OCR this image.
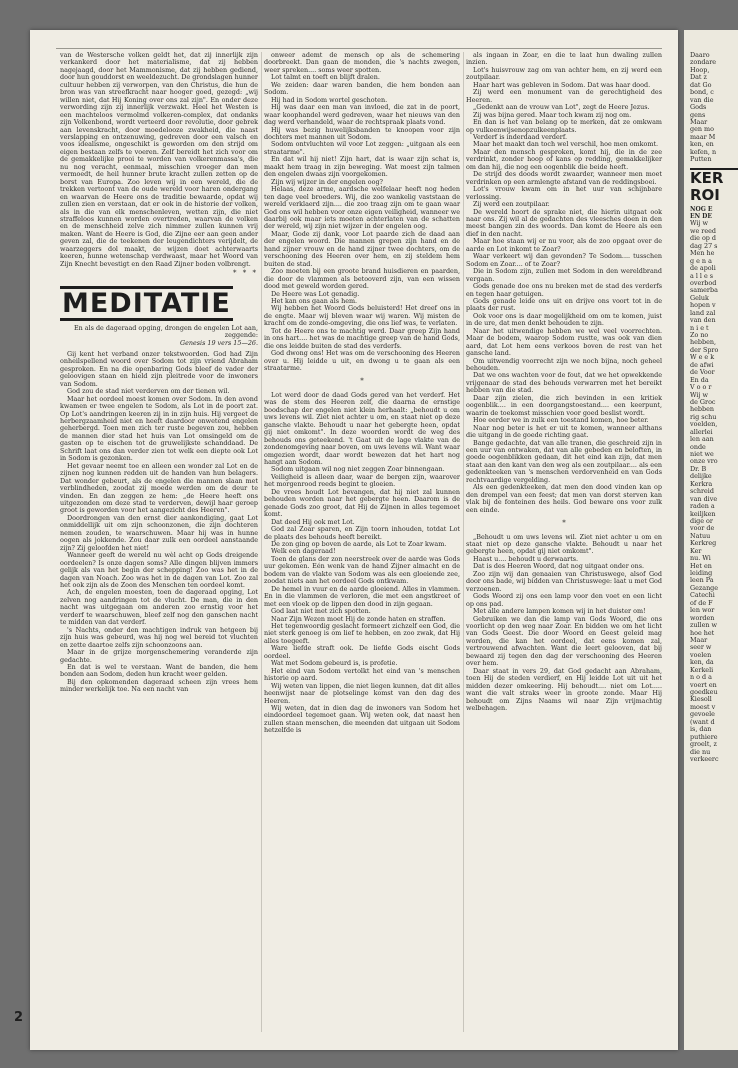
van de Westersche volken geldt het, dat zij innerlijk zijn verkankerd door het materialisme, dat zij hebben nagejaagd, door het Mammonisme, dat zij hebben gediend, door hun gouddorst en weeldezucht. De grondslagen hunner cultuur hebben zij verworpen, van den Christus, die hun de bron was van streefkracht naar hooger goed, gezegd: „wij willen niet, dat Hij Koning over ons zal zijn". En onder deze verwording zijn zij innerlijk verzwakt. Heel het Westen is een machteloos vermolmd volkeren-complex, dat ondanks zijn Volkenbond, wordt verteerd door revolutie, door gebrek aan levenskracht, door moedelooze zwakheid, die naast verslapping en ontzenuwing, gedreven door een valsch en voos idealisme, ongeschikt is geworden om den strijd om eigen bestaan zelfs te voeren. Zelf bereidt het zich voor om de gemakkelijke prooi te worden van volkerenmassa's, die nu nog veracht, eenmaal, misschien vroeger dan men vermoedt, de heil hunner brute kracht zullen zetten op de borst van Europa. Zoo leven wij in een wereld, die de trekken vertoont van de oude wereld voor haren ondergang en waarvan de Heere ons de traditie bewaarde, opdat wij zullen zien en verstaan, dat er ook in de historie der volken, als in die van elk menschenleven, wetten zijn, die niet straffeloos kunnen worden overtreden, waarvan de volken en de menschheid zelve zich nimmer zullen kunnen vrij maken. Want de Heere is God, die Zijne eer aan geen ander geven zal, die de teekenen der leugendichters verijdelt, de waarzeggers dol maakt, de wijzen doet achterwaarts keeren, hunne wetenschap verdwaast, maar het Woord van Zijn Knecht bevestigt en den Raad Zijner boden volbrengt.

* * *
MEDITATIE
En als de dageraad opging, drongen de engelen Lot aan, zeggende:
Genesis 19 vers 15—26.

Gij kent het verband onzer tekstwoorden. God had Zijn onheilspellend woord over Sodom tot zijn vriend Abraham gesproken. En na die openbaring Gods bleef de vader der geloovigen staan en hield zijn pleitrede voor de inwoners van Sodom.

God zou de stad niet verderven om der tienen wil.

Maar het oordeel moest komen over Sodom. In den avond kwamen er twee engelen te Sodom, als Lot in de poort zat. Op Lot's aandringen keeren zij in in zijn huis. Hij vergeet de herbergzaamheid niet en heeft daardoor onwetend engelen geherbergd. Toen men zich ter ruste begeven zou, hebben de mannen dier stad het huis van Lot omsingeld om de gasten op te eischen tot de gruwelijkste schanddaad. De Schrift laat ons dan verder zien tot welk een diepte ook Lot in Sodom is gezonken.

Het gevaar neemt toe en alleen een wonder zal Lot en de zijnen nog kunnen redden uit de handen van hun belagers. Dat wonder gebeurt, als de engelen die mannen slaan met verblindheden, zoodat zij moede werden om de deur te vinden. En dan zeggen ze hem: „de Heere heeft ons uitgezonden om deze stad te verderven, dewijl haar geroep groot is geworden voor het aangezicht des Heeren".

Doordrongen van den ernst dier aankondiging, gaat Lot onmiddellijk uit om zijn schoonzonen, die zijn dochteren nemen zouden, te waarschuwen. Maar hij was in hunne oogen als jokkende. Zou daar zulk een oordeel aanstaande zijn? Zij geloofden het niet!

Wanneer geeft de wereld nu wèl acht op Gods dreigende oordeelen? Is onze dagen soms? Alle dingen blijven immers gelijk als van het begin der schepping! Zoo was het in de dagen van Noach. Zoo was het in de dagen van Lot. Zoo zal het ook zijn als de Zoon des Menschen ten oordeel komt.

Ach, de engelen moesten, toen de dageraad opging, Lot zelven nog aandringen tot de vlucht. De man, die in den nacht was uitgegaan om anderen zoo ernstig voor het verderf te waarschuwen, bleef zelf nog den ganschen nacht te midden van dat verderf.

's Nachts, onder den machtigen indruk van hetgeen bij zijn huis was gebeurd, was hij nog wel bereid tot vluchten en zette daartoe zelfs zijn schoonzoons aan.

Maar in de grijze morgenschemering veranderde zijn gedachte.

En dat is wel te verstaan. Want de banden, die hem bonden aan Sodom, deden hun kracht weer gelden.

Bij den opkomenden dageraad scheen zijn vrees hem minder werkelijk toe. Na een nacht van

onweer ademt de mensch op als de schemering doorbreekt. Dan gaan de monden, die 's nachts zwegen, weer spreken.... soms weer spotten.

Lot talmt en toeft en blijft dralen.

We zeiden: daar waren banden, die hem bonden aan Sodom.

Hij had in Sodom wortel geschoten.

Hij was daar een man van invloed, die zat in de poort, waar koophandel werd gedreven, waar het nieuws van den dag werd verhandeld, waar de rechtspraak plaats vond.

Hij was bezig huwelijksbanden te knoopen voor zijn dochters met mannen uit Sodom.

Sodom ontvluchten wil voor Lot zeggen: „uitgaan als een straatarme".

En dat wil hij niet! Zijn hart, dat is waar zijn schat is, maakt hem traag in zijn beweging. Wat moest zijn talmen den engelen dwaas zijn voorgekomen.

Zijn wij wijzer in der engelen oog?

Helaas, deze arme, aardsche welfelaar heeft nog heden ten dage veel broeders. Wij, die zoo wankelig vaststaan de wereld verklaerd zijn.... die zoo traag zijn om te gaan waar God ons wil hebben voor onze eigen veiligheid, wanneer we daarbij ook maar iets moeten achterlaten van de schatten der wereld, wij zijn niet wijzer in der engelen oog.

Maar, Gode zij dank, voor Lot paarde zich de daad aan der engelen woord. Die mannen grepen zijn hand en de hand zijner vrouw en de hand zijner twee dochters, om de verschooning des Heeren over hem, en zij steldem hem buiten de stad.

Zoo moeten bij een groote brand huisdieren en paarden, die door de vlammen als betooverd zijn, van een wissen dood met geweld worden gered.

De Heere was Lot genadig.

Het kan ons gaan als hem.

Wij hebben het Woord Gods beluisterd! Het dreef ons in de engte. Maar wij bleven waar wij waren. Wij misten de kracht om de zonde-omgeving, die ons lief was, te verlaten.

Tot de Heere ons te machtig werd. Daar greep Zijn hand in ons hart.... het was de machtige greep van de hand Gods, die ons leidde buiten de stad des verderfs.

God dwong ons! Het was om de verschooning des Heeren over u. Hij leidde u uit, en dwong u te gaan als een straatarme.

*

Lot werd door de daad Gods gered van het verderf. Het was de stem des Heeren zelf, die daarna de ernstige boodschap der engelen niet klein herhaalt: „behoudt u om uws levens wil. Ziet niet achter u om, en staat niet op deze gansche vlakte. Behoudt u naar het gebergte heen, opdat gij niet omkomt". In deze woorden wordt de weg des behouds ons geteekend. 't Gaat uit de lage vlakte van de zondenomgeving naar boven, om uws levens wil. Want waar omgezien wordt, daar wordt bewezen dat het hart nog hangt aan Sodom.

Sodom uitgaan wil nog niet zeggen Zoar binnengaan.

Veiligheid is alleen daar, waar de bergen zijn, waarover het morgenrood reeds begint te gloeien.

De vrees houdt Lot bevangen, dat hij niet zal kunnen behouden worden naar het gebergte heen. Daarom is de genade Gods zoo groot, dat Hij de Zijnen in alles tegemoet komt.

Dat deed Hij ook met Lot.

God zal Zoar sparen, en Zijn toorn inhouden, totdat Lot de plaats des behouds heeft bereikt.

De zon ging op boven de aarde, als Lot te Zoar kwam.

Welk een dageraad!

Toen de glans der zon neerstreek over de aarde was Gods uur gekomen. Eén wenk van de hand Zijner almacht en de bodem van de vlakte van Sodom was als een gloeiende zee, zoodat niets aan het oordeel Gods ontkwam.

De hemel in vuur en de aarde gloeiend. Alles in vlammen. En in die vlammen de verloren, die met een angstkreet of met een vloek op de lippen den dood in zijn gegaan.

God laat niet met zich spotten.

Naar Zijn Wezen moet Hij de zonde haten en straffen.

Het tegenwoordig geslacht formeert zichzelf een God, die niet sterk genoeg is om lief te hebben, en zoo zwak, dat Hij alles toegeeft.

Ware liefde straft ook. De liefde Gods eischt Gods oordeel.

Wat met Sodom gebeurd is, is profetie.

Het eind van Sodom vertolkt het eind van 's menschen historie op aard.

Wij weten van lippen, die niet liegen kunnen, dat dit alles heenwijst naar de plotselinge komst van den dag des Heeren.

Wij weten, dat in dien dag de inwoners van Sodom het eindoordeel tegemoet gaan. Wij weten ook, dat naast hen zullen staan menschen, die meenden dat uitgaan uit Sodom hetzelfde is

als ingaan in Zoar, en die te laat hun dwaling zullen inzien.

Lot's huisvrouw zag om van achter hem, en zij werd een zoutpilaar.

Haar hart was gebleven in Sodom. Dat was haar dood.

Zij werd een monument van de gerechtigheid des Heeren.

„Gedenkt aan de vrouw van Lot", zegt de Heere Jezus.

Zij was bijna gered. Maar toch kwam zij nog om.

En dan is het van belang op te merken, dat ze omkwam op vulkeenwijsenopzulkeenplaats.

Verderf is inderdaad verderf.

Maar het maakt dan toch wel verschil, hoe men omkomt.

Maar den mensch gesproken, komt hij, die in de zee verdrinkt, zonder hoop of kans op redding, gemakkelijker om dan hij, die nog een oogenblik die beide heeft.

De strijd des doods wordt zwaarder, wanneer men moet verdrinken op een armlengte afstand van de reddingsboei.

Lot's vrouw kwam om in het uur van schijnbare verlossing.

Zij werd een zoutpilaar.

De wereld hoort de sprake niet, die hierin uitgaat ook naar ons. Zij wil al de gedachten des vleesches doen in den meest bangen zin des woords. Dan komt de Heere als een dief in den nacht.

Maar hoe staan wij er nu voor, als de zoo opgaat over de aarde en Lot inkomt te Zoar?

Waar verkeert wij dan gevonden? Te Sodom.... tusschen Sodom en Zoar.... of te Zoar?

Die in Sodom zijn, zullen met Sodom in den wereldbrand vergaan.

Gods genade doe ons nu breken met de stad des verderfs en tegen haar getuigen.

Gods genade leide ons uit en drijve ons voort tot in de plaats der rust.

Ook voor ons is daar mogelijkheid om om te komen, juist in de ure, dat men denkt behouden te zijn.

Naar het uitwendige hebben we wel veel voorrechten. Maar de bodem, waarop Sodom rustte, was ook van dien aard, dat Lot hem eens verkoos boven de rest van het gansche land.

Om uitwendig voorrecht zijn we noch bijna, noch geheel behouden.

Dat we ons wachten voor de fout, dat we het opwekkende vrijgenaar de stad des behouds verwarren met het bereikt hebben van die stad.

Daar zijn zielen, die zich bevinden in een kritiek oogenblik.... in een doorgangstoestand.... een keerpunt, waarin de toekomst misschien voor goed beslist wordt.

Hoe eerder we in zulk een toestand komen, hoe beter.

Naar nog beter is het er uit te komen, wanneer althans die uitgang in de goede richting gaat.

Bange gedachte, dat van alle tranen, die geschreid zijn in een uur van ontwaken, dat van alle gebeden en beloften, in goede oogenblikken gedaan, dit het eind kan zijn, dat men staat aan den kant van den weg als een zoutpilaar.... als een gedenkteeken van 's menschen verdorvenheid en van Gods rechtvaardige vergelding.

Als een gedenkteeken, dat men den dood vinden kan op den drempel van een feest; dat men van dorst sterven kan vlak bij de fonteinen des heils. God beware ons voor zulk een einde.

*

„Behoudt u om uws levens wil. Ziet niet achter u om en staat niet op deze gansche vlakte. Behoudt u naar het gebergte heen, opdat gij niet omkomt".

Haast u.... behoudt u derwaarts.

Dat is des Heeren Woord, dat nog uitgaat onder ons.

Zoo zijn wij dan genaaien van Christuswege, alsof God door ons bade, wij bidden van Christuswege: laat u met God verzoenen.

Gods Woord zij ons een lamp voor den voet en een licht op ons pad.

Met alle andere lampen komen wij in het duister om!

Gebruiken we dan die lamp van Gods Woord, die ons voorlicht op den weg naar Zoar. En bidden we om het licht van Gods Geest. Die door Woord en Geest geleid mag worden, die kan het oordeel, dat eens komen zal, vertrouwend afwachten. Want die leert gelooven, dat bij bewaard zij tegen den dag der verschooning des Heeren over hem.

Daar staat in vers 29, dat God gedacht aan Abraham, toen Hij de steden verdierf, en Hij leidde Lot uit uit het midden dezer omkeering. Hij behoudt.... niet om Lot..... want die valt straks weer in groote zonde. Maar Hij behoudt om Zijns Naams wil naar Zijn vrijmachtig welbehagen.

2
Daaro
zondare
Hoop,
Dat z
dat Go
bond, c
van die
Gods
gens
Maar
gen mo
maar M
ken, en
kefen, n
Putten
KER
ROI
NOG E
EN DE
Wij w
we reed
die op d
dag 27 s
Men he
g e n a
de apoli
a l l e s
overbod
samerba
Geluk
hopen v
land zal
van den
n i e t
Zo no
hebben,
der Spro
W e e k
de afwi
de Voor
En da
V o o r
Wij w
de Groc
hebben
rig schu
voelden,
allerlei
len aan
onde
niet we
onze vro
Dr. B
delijke
Kerkra
schreid
van dive
raden a
keiljken
dige or
voor de
Natuu
Kerkreg
Ker
nu. Wi
Het en
leiding
leen Pa
Gezange
Catechi
of de F
len wor
worden
zullen w
hoe het
Maar
seer w
voelen
ken, da
Kerkeli
n o d a
voert en
goedkeu
Kiesoll
moest v
gevoele
(want d
is, dan
puthiere
groelt, z
die nu
verkeerc
